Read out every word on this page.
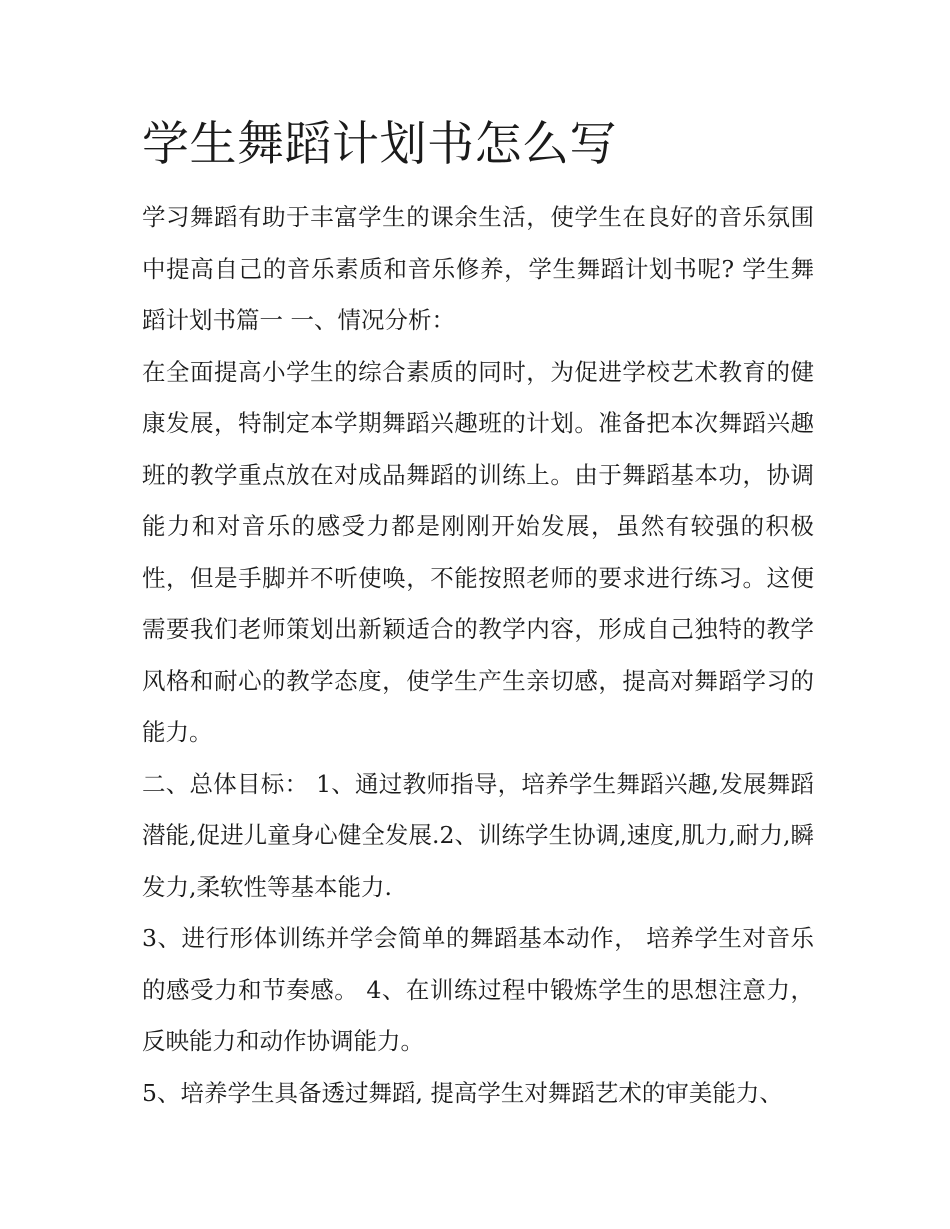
学生舞蹈计划书怎么写

学习舞蹈有助于丰富学生的课余生活，使学生在良好的音乐氛围中提高自己的音乐素质和音乐修养，学生舞蹈计划书呢? 学生舞蹈计划书篇一 一、情况分析：

在全面提高小学生的综合素质的同时，为促进学校艺术教育的健康发展，特制定本学期舞蹈兴趣班的计划。准备把本次舞蹈兴趣班的教学重点放在对成品舞蹈的训练上。由于舞蹈基本功，协调能力和对音乐的感受力都是刚刚开始发展，虽然有较强的积极性，但是手脚并不听使唤，不能按照老师的要求进行练习。这便需要我们老师策划出新颖适合的教学内容，形成自己独特的教学风格和耐心的教学态度，使学生产生亲切感，提高对舞蹈学习的能力。

二、总体目标： 1、通过教师指导，培养学生舞蹈兴趣,发展舞蹈潜能,促进儿童身心健全发展.2、训练学生协调,速度,肌力,耐力,瞬发力,柔软性等基本能力.

3、进行形体训练并学会简单的舞蹈基本动作， 培养学生对音乐的感受力和节奏感。 4、在训练过程中锻炼学生的思想注意力，反映能力和动作协调能力。

5、培养学生具备透过舞蹈, 提高学生对舞蹈艺术的审美能力、
